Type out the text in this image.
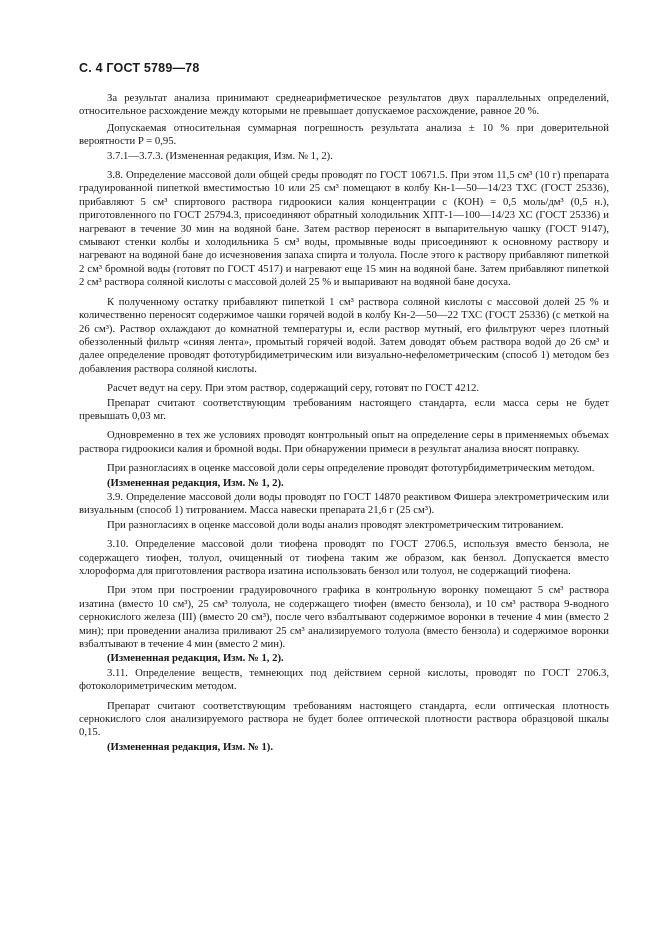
С. 4 ГОСТ 5789—78

За результат анализа принимают среднеарифметическое результатов двух параллельных определений, относительное расхождение между которыми не превышает допускаемое расхождение, равное 20 %.

Допускаемая относительная суммарная погрешность результата анализа ± 10 % при доверительной вероятности P = 0,95.

3.7.1—3.7.3. (Измененная редакция, Изм. № 1, 2).

3.8. Определение массовой доли общей среды проводят по ГОСТ 10671.5. При этом 11,5 см³ (10 г) препарата градуированной пипеткой вместимостью 10 или 25 см³ помещают в колбу Кн-1—50—14/23 ТХС (ГОСТ 25336), прибавляют 5 см³ спиртового раствора гидроокиси калия концентрации с (КОН) = 0,5 моль/дм³ (0,5 н.), приготовленного по ГОСТ 25794.3, присоединяют обратный холодильник ХПТ-1—100—14/23 ХС (ГОСТ 25336) и нагревают в течение 30 мин на водяной бане. Затем раствор переносят в выпарительную чашку (ГОСТ 9147), смывают стенки колбы и холодильника 5 см³ воды, промывные воды присоединяют к основному раствору и нагревают на водяной бане до исчезновения запаха спирта и толуола. После этого к раствору прибавляют пипеткой 2 см³ бромной воды (готовят по ГОСТ 4517) и нагревают еще 15 мин на водяной бане. Затем прибавляют пипеткой 2 см³ раствора соляной кислоты с массовой долей 25 % и выпаривают на водяной бане досуха.

К полученному остатку прибавляют пипеткой 1 см³ раствора соляной кислоты с массовой долей 25 % и количественно переносят содержимое чашки горячей водой в колбу Кн-2—50—22 ТХС (ГОСТ 25336) (с меткой на 26 см³). Раствор охлаждают до комнатной температуры и, если раствор мутный, его фильтруют через плотный обеззоленный фильтр «синяя лента», промытый горячей водой. Затем доводят объем раствора водой до 26 см³ и далее определение проводят фототурбидиметрическим или визуально-нефелометрическим (способ 1) методом без добавления раствора соляной кислоты.

Расчет ведут на серу. При этом раствор, содержащий серу, готовят по ГОСТ 4212.

Препарат считают соответствующим требованиям настоящего стандарта, если масса серы не будет превышать 0,03 мг.

Одновременно в тех же условиях проводят контрольный опыт на определение серы в применяемых объемах раствора гидроокиси калия и бромной воды. При обнаружении примеси в результат анализа вносят поправку.

При разногласиях в оценке массовой доли серы определение проводят фототурбидиметрическим методом.

(Измененная редакция, Изм. № 1, 2).

3.9. Определение массовой доли воды проводят по ГОСТ 14870 реактивом Фишера электрометрическим или визуальным (способ 1) титрованием. Масса навески препарата 21,6 г (25 см³).

При разногласиях в оценке массовой доли воды анализ проводят электрометрическим титрованием.

3.10. Определение массовой доли тиофена проводят по ГОСТ 2706.5, используя вместо бензола, не содержащего тиофен, толуол, очищенный от тиофена таким же образом, как бензол. Допускается вместо хлороформа для приготовления раствора изатина использовать бензол или толуол, не содержащий тиофена.

При этом при построении градуировочного графика в контрольную воронку помещают 5 см³ раствора изатина (вместо 10 см³), 25 см³ толуола, не содержащего тиофен (вместо бензола), и 10 см³ раствора 9-водного сернокислого железа (III) (вместо 20 см³), после чего взбалтывают содержимое воронки в течение 4 мин (вместо 2 мин); при проведении анализа приливают 25 см³ анализируемого толуола (вместо бензола) и содержимое воронки взбалтывают в течение 4 мин (вместо 2 мин).

(Измененная редакция, Изм. № 1, 2).

3.11. Определение веществ, темнеющих под действием серной кислоты, проводят по ГОСТ 2706.3, фотоколориметрическим методом.

Препарат считают соответствующим требованиям настоящего стандарта, если оптическая плотность сернокислого слоя анализируемого раствора не будет более оптической плотности раствора образцовой шкалы 0,15.

(Измененная редакция, Изм. № 1).
